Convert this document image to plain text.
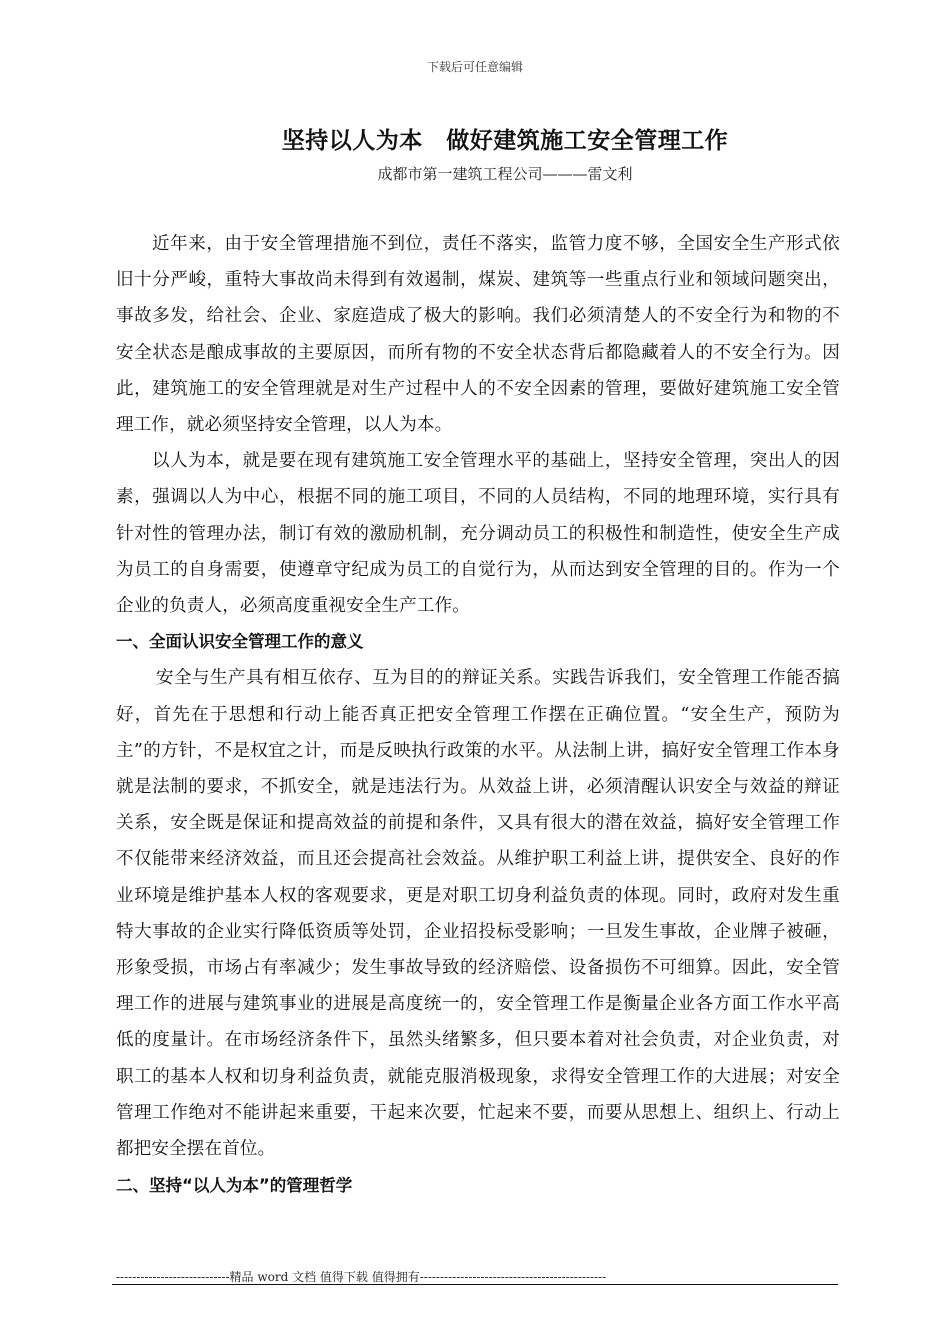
下载后可任意编辑
坚持以人为本　做好建筑施工安全管理工作
成都市第一建筑工程公司———雷文利

近年来，由于安全管理措施不到位，责任不落实，监管力度不够，全国安全生产形式依旧十分严峻，重特大事故尚未得到有效遏制，煤炭、建筑等一些重点行业和领域问题突出，事故多发，给社会、企业、家庭造成了极大的影响。我们必须清楚人的不安全行为和物的不安全状态是酿成事故的主要原因，而所有物的不安全状态背后都隐藏着人的不安全行为。因此，建筑施工的安全管理就是对生产过程中人的不安全因素的管理，要做好建筑施工安全管理工作，就必须坚持安全管理，以人为本。

以人为本，就是要在现有建筑施工安全管理水平的基础上，坚持安全管理，突出人的因素，强调以人为中心，根据不同的施工项目，不同的人员结构，不同的地理环境，实行具有针对性的管理办法，制订有效的激励机制，充分调动员工的积极性和制造性，使安全生产成为员工的自身需要，使遵章守纪成为员工的自觉行为，从而达到安全管理的目的。作为一个企业的负责人，必须高度重视安全生产工作。

一、全面认识安全管理工作的意义

安全与生产具有相互依存、互为目的的辩证关系。实践告诉我们，安全管理工作能否搞好，首先在于思想和行动上能否真正把安全管理工作摆在正确位置。“安全生产，预防为主”的方针，不是权宜之计，而是反映执行政策的水平。从法制上讲，搞好安全管理工作本身就是法制的要求，不抓安全，就是违法行为。从效益上讲，必须清醒认识安全与效益的辩证关系，安全既是保证和提高效益的前提和条件，又具有很大的潜在效益，搞好安全管理工作不仅能带来经济效益，而且还会提高社会效益。从维护职工利益上讲，提供安全、良好的作业环境是维护基本人权的客观要求，更是对职工切身利益负责的体现。同时，政府对发生重特大事故的企业实行降低资质等处罚，企业招投标受影响；一旦发生事故，企业牌子被砸，形象受损，市场占有率减少；发生事故导致的经济赔偿、设备损伤不可细算。因此，安全管理工作的进展与建筑事业的进展是高度统一的，安全管理工作是衡量企业各方面工作水平高低的度量计。在市场经济条件下，虽然头绪繁多，但只要本着对社会负责，对企业负责，对职工的基本人权和切身利益负责，就能克服消极现象，求得安全管理工作的大进展；对安全管理工作绝对不能讲起来重要，干起来次要，忙起来不要，而要从思想上、组织上、行动上都把安全摆在首位。

二、坚持“以人为本”的管理哲学

----------------------------精品 word 文档 值得下载 值得拥有----------------------------------------------
